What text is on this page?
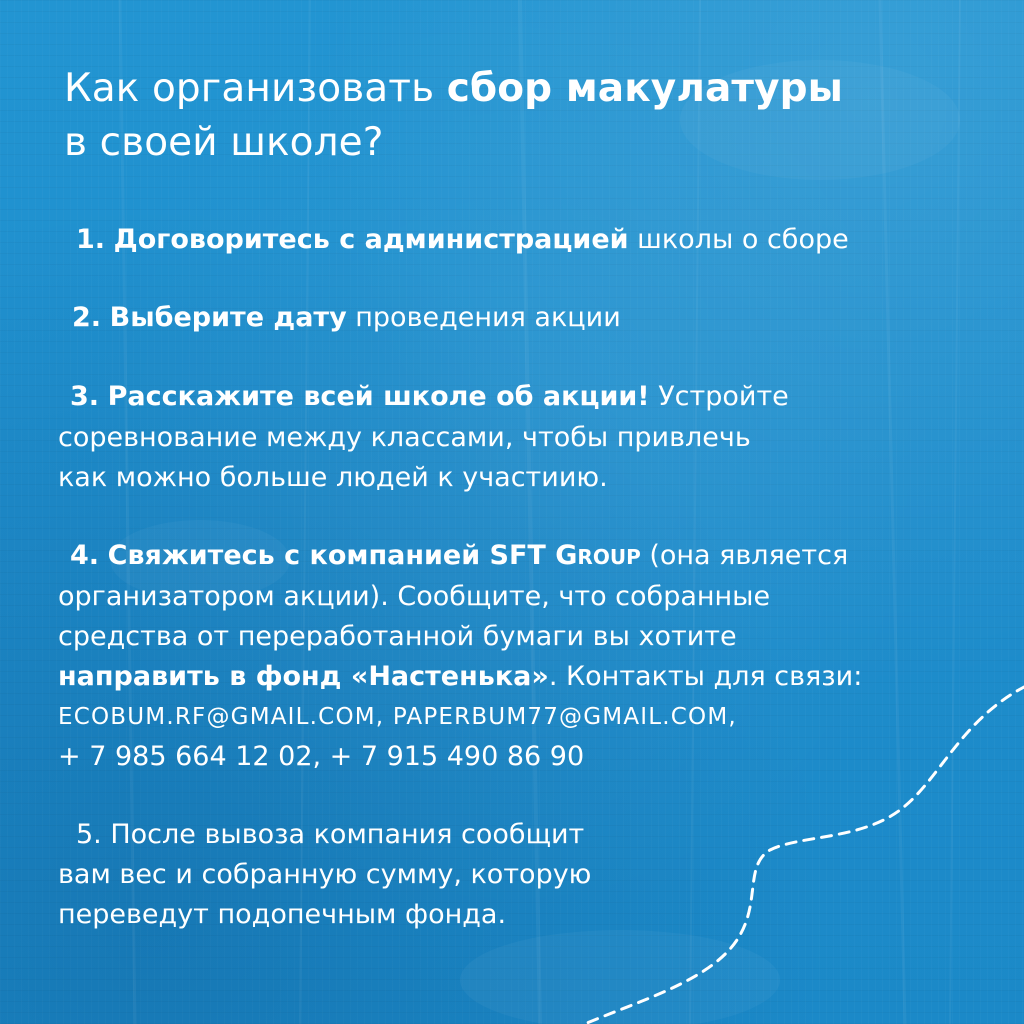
Как организовать сбор макулатуры
в своей школе?
1. Договоритесь с администрацией школы о сборе
2. Выберите дату проведения акции
3. Расскажите всей школе об акции! Устройте
соревнование между классами, чтобы привлечь
как можно больше людей к участиию.
4. Свяжитесь с компанией SFT GROUP (она является
организатором акции). Сообщите, что собранные
средства от переработанной бумаги вы хотите
направить в фонд «Настенька». Контакты для связи:
ECOBUM.RF@GMAIL.COM, PAPERBUM77@GMAIL.COM,
+ 7 985 664 12 02, + 7 915 490 86 90
5. После вывоза компания сообщит
вам вес и собранную сумму, которую
переведут подопечным фонда.
